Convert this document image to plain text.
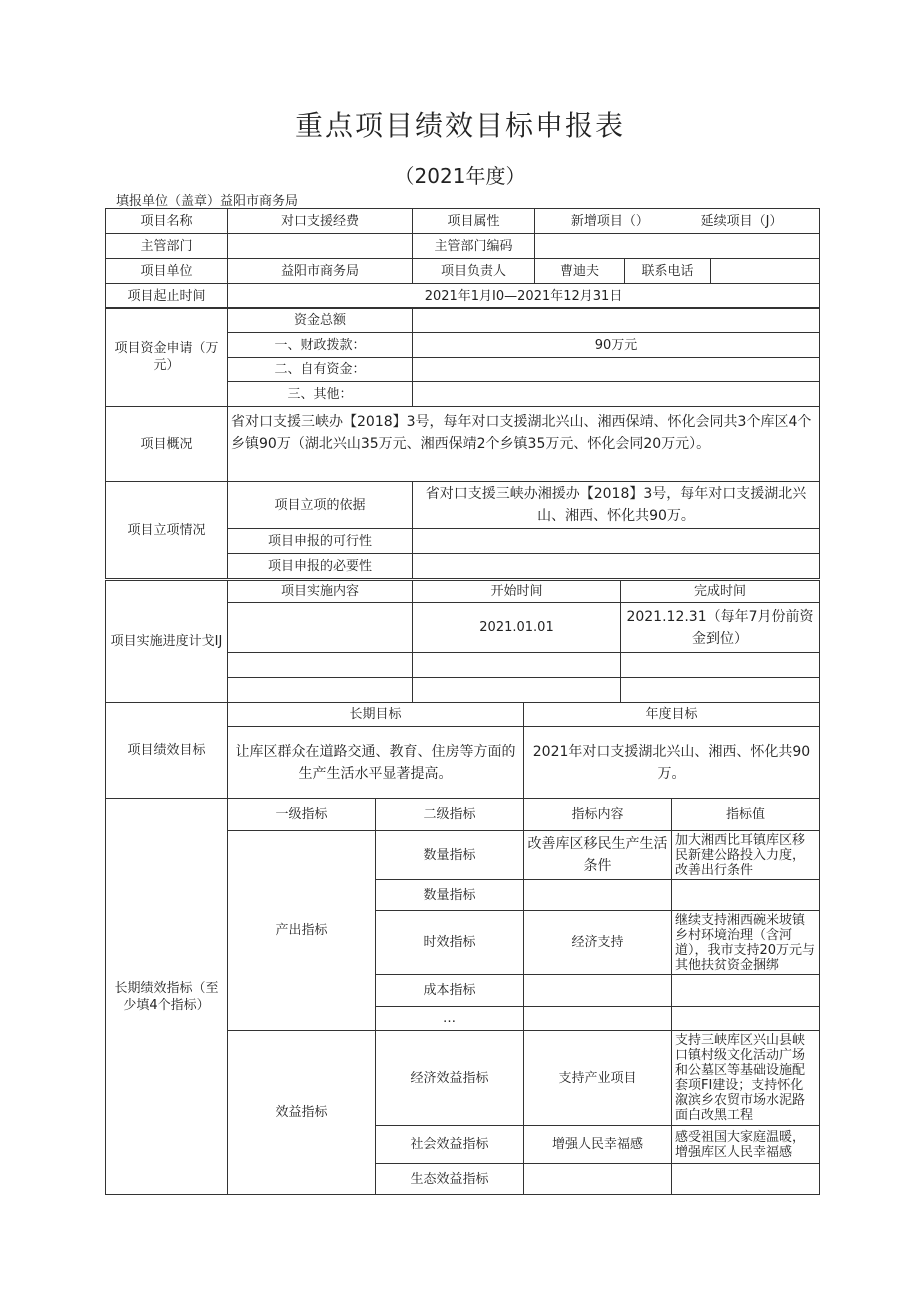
重点项目绩效目标申报表
（2021年度）
填报单位（盖章）益阳市商务局
项目名称	对口支援经费	项目属性	新增项目（） 延续项目（J）		
主管部门		主管部门编码			
项目单位	益阳市商务局	项目负责人	曹迪夫	联系电话	
项目起止时间	2021年1月I0—2021年12月31日				
项目资金申请（万元）	资金总额	
	一、财政拨款：	90万元
	二、自有资金：	
	三、其他：	
项目概况	省对口支援三峡办【2018】3号，每年对口支援湖北兴山、湘西保靖、怀化会同共3个库区4个乡镇90万（湖北兴山35万元、湘西保靖2个乡镇35万元、怀化会同20万元）。	
项目立项情况	项目立项的依据	省对口支援三峡办湘援办【2018】3号，每年对口支援湖北兴山、湘西、怀化共90万。
	项目申报的可行性	
	项目申报的必要性	
项目实施进度计戈IJ	项目实施内容	开始时间	完成时间
		2021.01.01	2021.12.31（每年7月份前资金到位）

项目绩效目标	长期目标	年度目标
	让库区群众在道路交通、教育、住房等方面的生产生活水平显著提高。	2021年对口支援湖北兴山、湘西、怀化共90万。
长期绩效指标（至少填4个指标）	一级指标	二级指标	指标内容	指标值
	产出指标	数量指标	改善库区移民生产生活条件	加大湘西比耳镇库区移民新建公路投入力度，改善出行条件
		数量指标		
		时效指标	经济支持	继续支持湘西碗米坡镇乡村环境治理（含河道），我市支持20万元与其他扶贫资金捆绑
		成本指标		
		…		
	效益指标	经济效益指标	支持产业项目	支持三峡库区兴山县峡口镇村级文化活动广场和公墓区等基础设施配套项FI建设；支持怀化溆滨乡农贸市场水泥路面白改黑工程
		社会效益指标	增强人民幸福感	感受祖国大家庭温暖，增强库区人民幸福感
		生态效益指标		
